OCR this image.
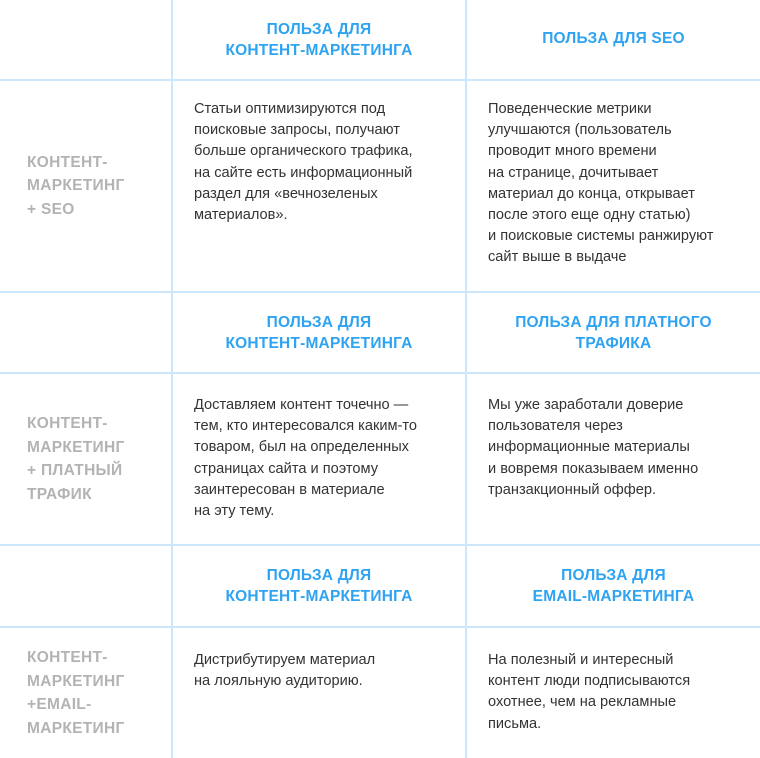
ПОЛЬЗА ДЛЯ
КОНТЕНТ-МАРКЕТИНГА
ПОЛЬЗА ДЛЯ SEO
КОНТЕНТ-
МАРКЕТИНГ
+ SEO
Статьи оптимизируются под
поисковые запросы, получают
больше органического трафика,
на сайте есть информационный
раздел для «вечнозеленых
материалов».
Поведенческие метрики
улучшаются (пользователь
проводит много времени
на странице, дочитывает
материал до конца, открывает
после этого еще одну статью)
и поисковые системы ранжируют
сайт выше в выдаче
ПОЛЬЗА ДЛЯ
КОНТЕНТ-МАРКЕТИНГА
ПОЛЬЗА ДЛЯ ПЛАТНОГО
ТРАФИКА
КОНТЕНТ-
МАРКЕТИНГ
+ ПЛАТНЫЙ
ТРАФИК
Доставляем контент точечно —
тем, кто интересовался каким-то
товаром, был на определенных
страницах сайта и поэтому
заинтересован в материале
на эту тему.
Мы уже заработали доверие
пользователя через
информационные материалы
и вовремя показываем именно
транзакционный оффер.
ПОЛЬЗА ДЛЯ
КОНТЕНТ-МАРКЕТИНГА
ПОЛЬЗА ДЛЯ
EMAIL-МАРКЕТИНГА
КОНТЕНТ-
МАРКЕТИНГ
+EMAIL-
МАРКЕТИНГ
Дистрибутируем материал
на лояльную аудиторию.
На полезный и интересный
контент люди подписываются
охотнее, чем на рекламные
письма.
